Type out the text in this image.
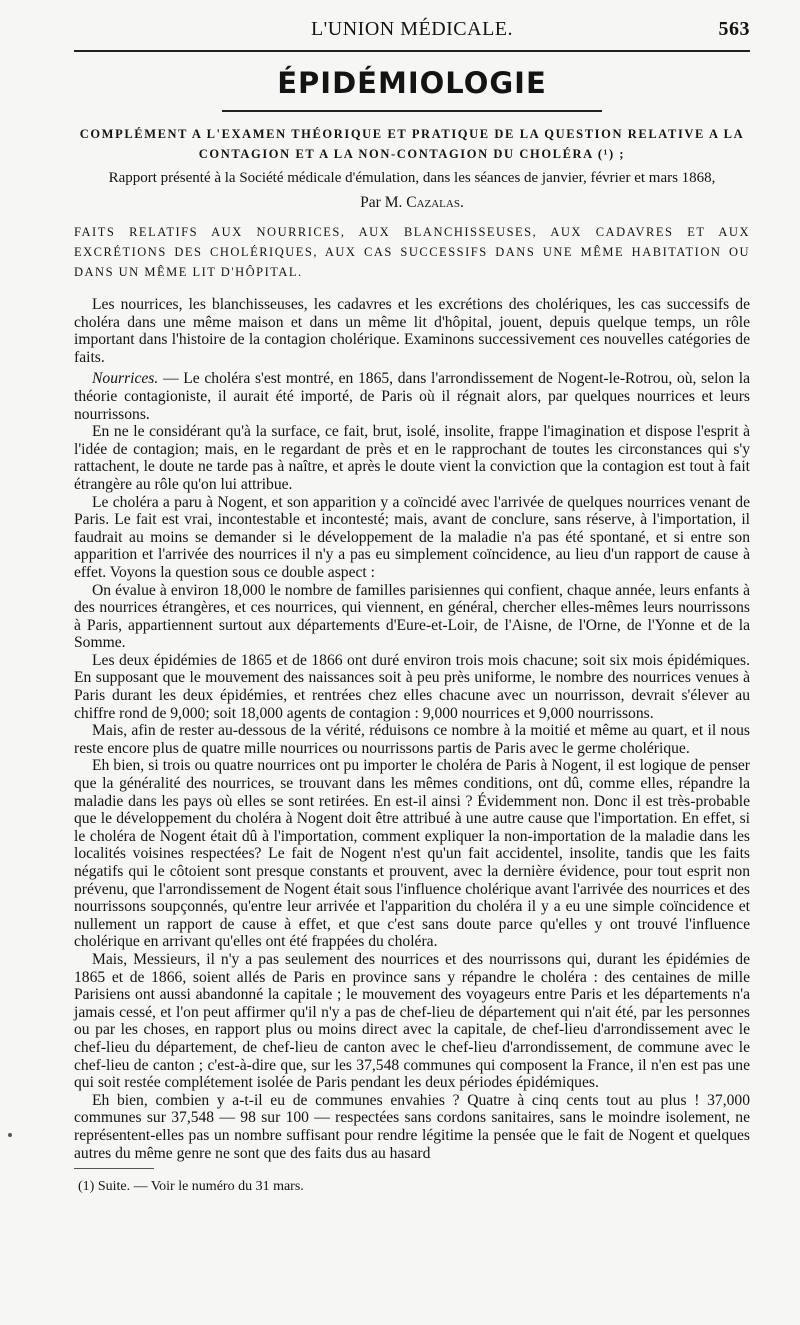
L'UNION MÉDICALE.	563
ÉPIDÉMIOLOGIE
COMPLÉMENT A L'EXAMEN THÉORIQUE ET PRATIQUE DE LA QUESTION RELATIVE A LA CONTAGION ET A LA NON-CONTAGION DU CHOLÉRA (¹) ;
Rapport présenté à la Société médicale d'émulation, dans les séances de janvier, février et mars 1868,
Par M. Cazalas.
FAITS RELATIFS AUX NOURRICES, AUX BLANCHISSEUSES, AUX CADAVRES ET AUX EXCRÉTIONS DES CHOLÉRIQUES, AUX CAS SUCCESSIFS DANS UNE MÊME HABITATION OU DANS UN MÊME LIT D'HÔPITAL.

Les nourrices, les blanchisseuses, les cadavres et les excrétions des cholériques, les cas successifs de choléra dans une même maison et dans un même lit d'hôpital, jouent, depuis quelque temps, un rôle important dans l'histoire de la contagion cholérique. Examinons successivement ces nouvelles catégories de faits.

Nourrices. — Le choléra s'est montré, en 1865, dans l'arrondissement de Nogent-le-Rotrou, où, selon la théorie contagioniste, il aurait été importé, de Paris où il régnait alors, par quelques nourrices et leurs nourrissons.

En ne le considérant qu'à la surface, ce fait, brut, isolé, insolite, frappe l'imagination et dispose l'esprit à l'idée de contagion; mais, en le regardant de près et en le rapprochant de toutes les circonstances qui s'y rattachent, le doute ne tarde pas à naître, et après le doute vient la conviction que la contagion est tout à fait étrangère au rôle qu'on lui attribue.

Le choléra a paru à Nogent, et son apparition y a coïncidé avec l'arrivée de quelques nourrices venant de Paris. Le fait est vrai, incontestable et incontesté; mais, avant de conclure, sans réserve, à l'importation, il faudrait au moins se demander si le développement de la maladie n'a pas été spontané, et si entre son apparition et l'arrivée des nourrices il n'y a pas eu simplement coïncidence, au lieu d'un rapport de cause à effet. Voyons la question sous ce double aspect :

On évalue à environ 18,000 le nombre de familles parisiennes qui confient, chaque année, leurs enfants à des nourrices étrangères, et ces nourrices, qui viennent, en général, chercher elles-mêmes leurs nourrissons à Paris, appartiennent surtout aux départements d'Eure-et-Loir, de l'Aisne, de l'Orne, de l'Yonne et de la Somme.

Les deux épidémies de 1865 et de 1866 ont duré environ trois mois chacune; soit six mois épidémiques. En supposant que le mouvement des naissances soit à peu près uniforme, le nombre des nourrices venues à Paris durant les deux épidémies, et rentrées chez elles chacune avec un nourrisson, devrait s'élever au chiffre rond de 9,000; soit 18,000 agents de contagion : 9,000 nourrices et 9,000 nourrissons.

Mais, afin de rester au-dessous de la vérité, réduisons ce nombre à la moitié et même au quart, et il nous reste encore plus de quatre mille nourrices ou nourrissons partis de Paris avec le germe cholérique.

Eh bien, si trois ou quatre nourrices ont pu importer le choléra de Paris à Nogent, il est logique de penser que la généralité des nourrices, se trouvant dans les mêmes conditions, ont dû, comme elles, répandre la maladie dans les pays où elles se sont retirées. En est-il ainsi ? Évidemment non. Donc il est très-probable que le développement du choléra à Nogent doit être attribué à une autre cause que l'importation. En effet, si le choléra de Nogent était dû à l'importation, comment expliquer la non-importation de la maladie dans les localités voisines respectées? Le fait de Nogent n'est qu'un fait accidentel, insolite, tandis que les faits négatifs qui le côtoient sont presque constants et prouvent, avec la dernière évidence, pour tout esprit non prévenu, que l'arrondissement de Nogent était sous l'influence cholérique avant l'arrivée des nourrices et des nourrissons soupçonnés, qu'entre leur arrivée et l'apparition du choléra il y a eu une simple coïncidence et nullement un rapport de cause à effet, et que c'est sans doute parce qu'elles y ont trouvé l'influence cholérique en arrivant qu'elles ont été frappées du choléra.

Mais, Messieurs, il n'y a pas seulement des nourrices et des nourrissons qui, durant les épidémies de 1865 et de 1866, soient allés de Paris en province sans y répandre le choléra : des centaines de mille Parisiens ont aussi abandonné la capitale ; le mouvement des voyageurs entre Paris et les départements n'a jamais cessé, et l'on peut affirmer qu'il n'y a pas de chef-lieu de département qui n'ait été, par les personnes ou par les choses, en rapport plus ou moins direct avec la capitale, de chef-lieu d'arrondissement avec le chef-lieu du département, de chef-lieu de canton avec le chef-lieu d'arrondissement, de commune avec le chef-lieu de canton ; c'est-à-dire que, sur les 37,548 communes qui composent la France, il n'en est pas une qui soit restée complétement isolée de Paris pendant les deux périodes épidémiques.

Eh bien, combien y a-t-il eu de communes envahies ? Quatre à cinq cents tout au plus ! 37,000 communes sur 37,548 — 98 sur 100 — respectées sans cordons sanitaires, sans le moindre isolement, ne représentent-elles pas un nombre suffisant pour rendre légitime la pensée que le fait de Nogent et quelques autres du même genre ne sont que des faits dus au hasard

(1) Suite. — Voir le numéro du 31 mars.
